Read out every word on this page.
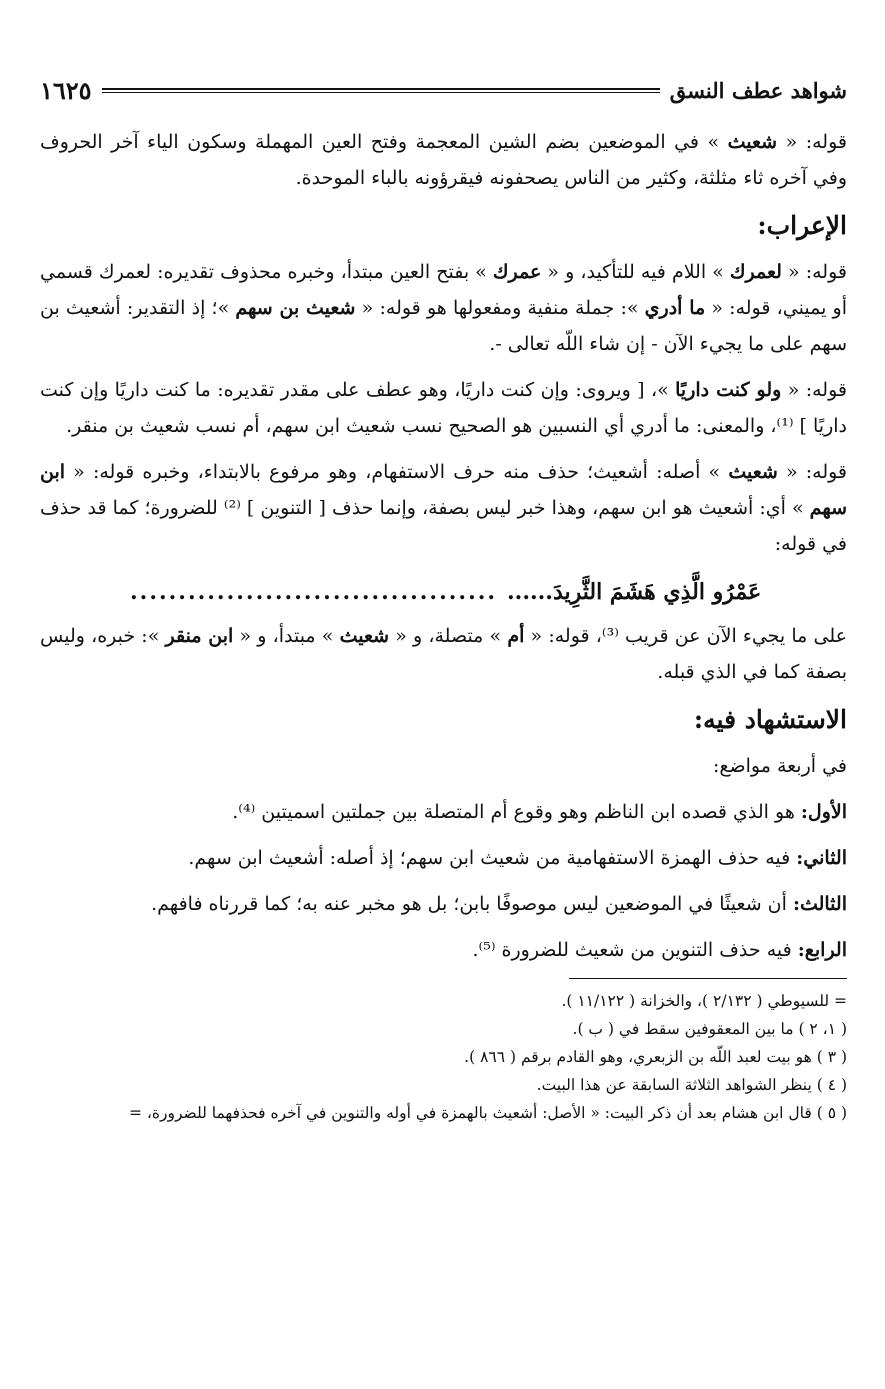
شواهد عطف النسق
١٦٢٥

قوله: « شعيث » في الموضعين بضم الشين المعجمة وفتح العين المهملة وسكون الياء آخر الحروف وفي آخره ثاء مثلثة، وكثير من الناس يصحفونه فيقرؤونه بالباء الموحدة.

الإعراب:

قوله: « لعمرك » اللام فيه للتأكيد، و « عمرك » بفتح العين مبتدأ، وخبره محذوف تقديره: لعمرك قسمي أو يميني، قوله: « ما أدري »: جملة منفية ومفعولها هو قوله: « شعيث بن سهم »؛ إذ التقدير: أشعيث بن سهم على ما يجيء الآن - إن شاء اللّه تعالى -.

قوله: « ولو كنت داريًا »، [ ويروى: وإن كنت داريًا، وهو عطف على مقدر تقديره: ما كنت داريًا وإن كنت داريًا ] ⁽¹⁾، والمعنى: ما أدري أي النسبين هو الصحيح نسب شعيث ابن سهم، أم نسب شعيث بن منقر.

قوله: « شعيث » أصله: أشعيث؛ حذف منه حرف الاستفهام، وهو مرفوع بالابتداء، وخبره قوله: « ابن سهم » أي: أشعيث هو ابن سهم، وهذا خبر ليس بصفة، وإنما حذف [ التنوين ] ⁽²⁾ للضرورة؛ كما قد حذف في قوله:

عَمْرُو الَّذِي هَشَمَ الثَّرِيدَ......
......................................

على ما يجيء الآن عن قريب ⁽³⁾، قوله: « أم » متصلة، و « شعيث » مبتدأ، و « ابن منقر »: خبره، وليس بصفة كما في الذي قبله.

الاستشهاد فيه:

في أربعة مواضع:

الأول: هو الذي قصده ابن الناظم وهو وقوع أم المتصلة بين جملتين اسميتين ⁽⁴⁾.

الثاني: فيه حذف الهمزة الاستفهامية من شعيث ابن سهم؛ إذ أصله: أشعيث ابن سهم.

الثالث: أن شعيثًا في الموضعين ليس موصوفًا بابن؛ بل هو مخبر عنه به؛ كما قررناه فافهم.

الرابع: فيه حذف التنوين من شعيث للضرورة ⁽⁵⁾.

= للسيوطي ( ٢/١٣٢ )، والخزانة ( ١١/١٢٢ ).
( ١، ٢ ) ما بين المعقوفين سقط في ( ب ).
( ٣ ) هو بيت لعبد اللّه بن الزبعري، وهو القادم برقم ( ٨٦٦ ).
( ٤ ) ينظر الشواهد الثلاثة السابقة عن هذا البيت.
( ٥ ) قال ابن هشام بعد أن ذكر البيت: « الأصل: أشعيث بالهمزة في أوله والتنوين في آخره فحذفهما للضرورة، =
